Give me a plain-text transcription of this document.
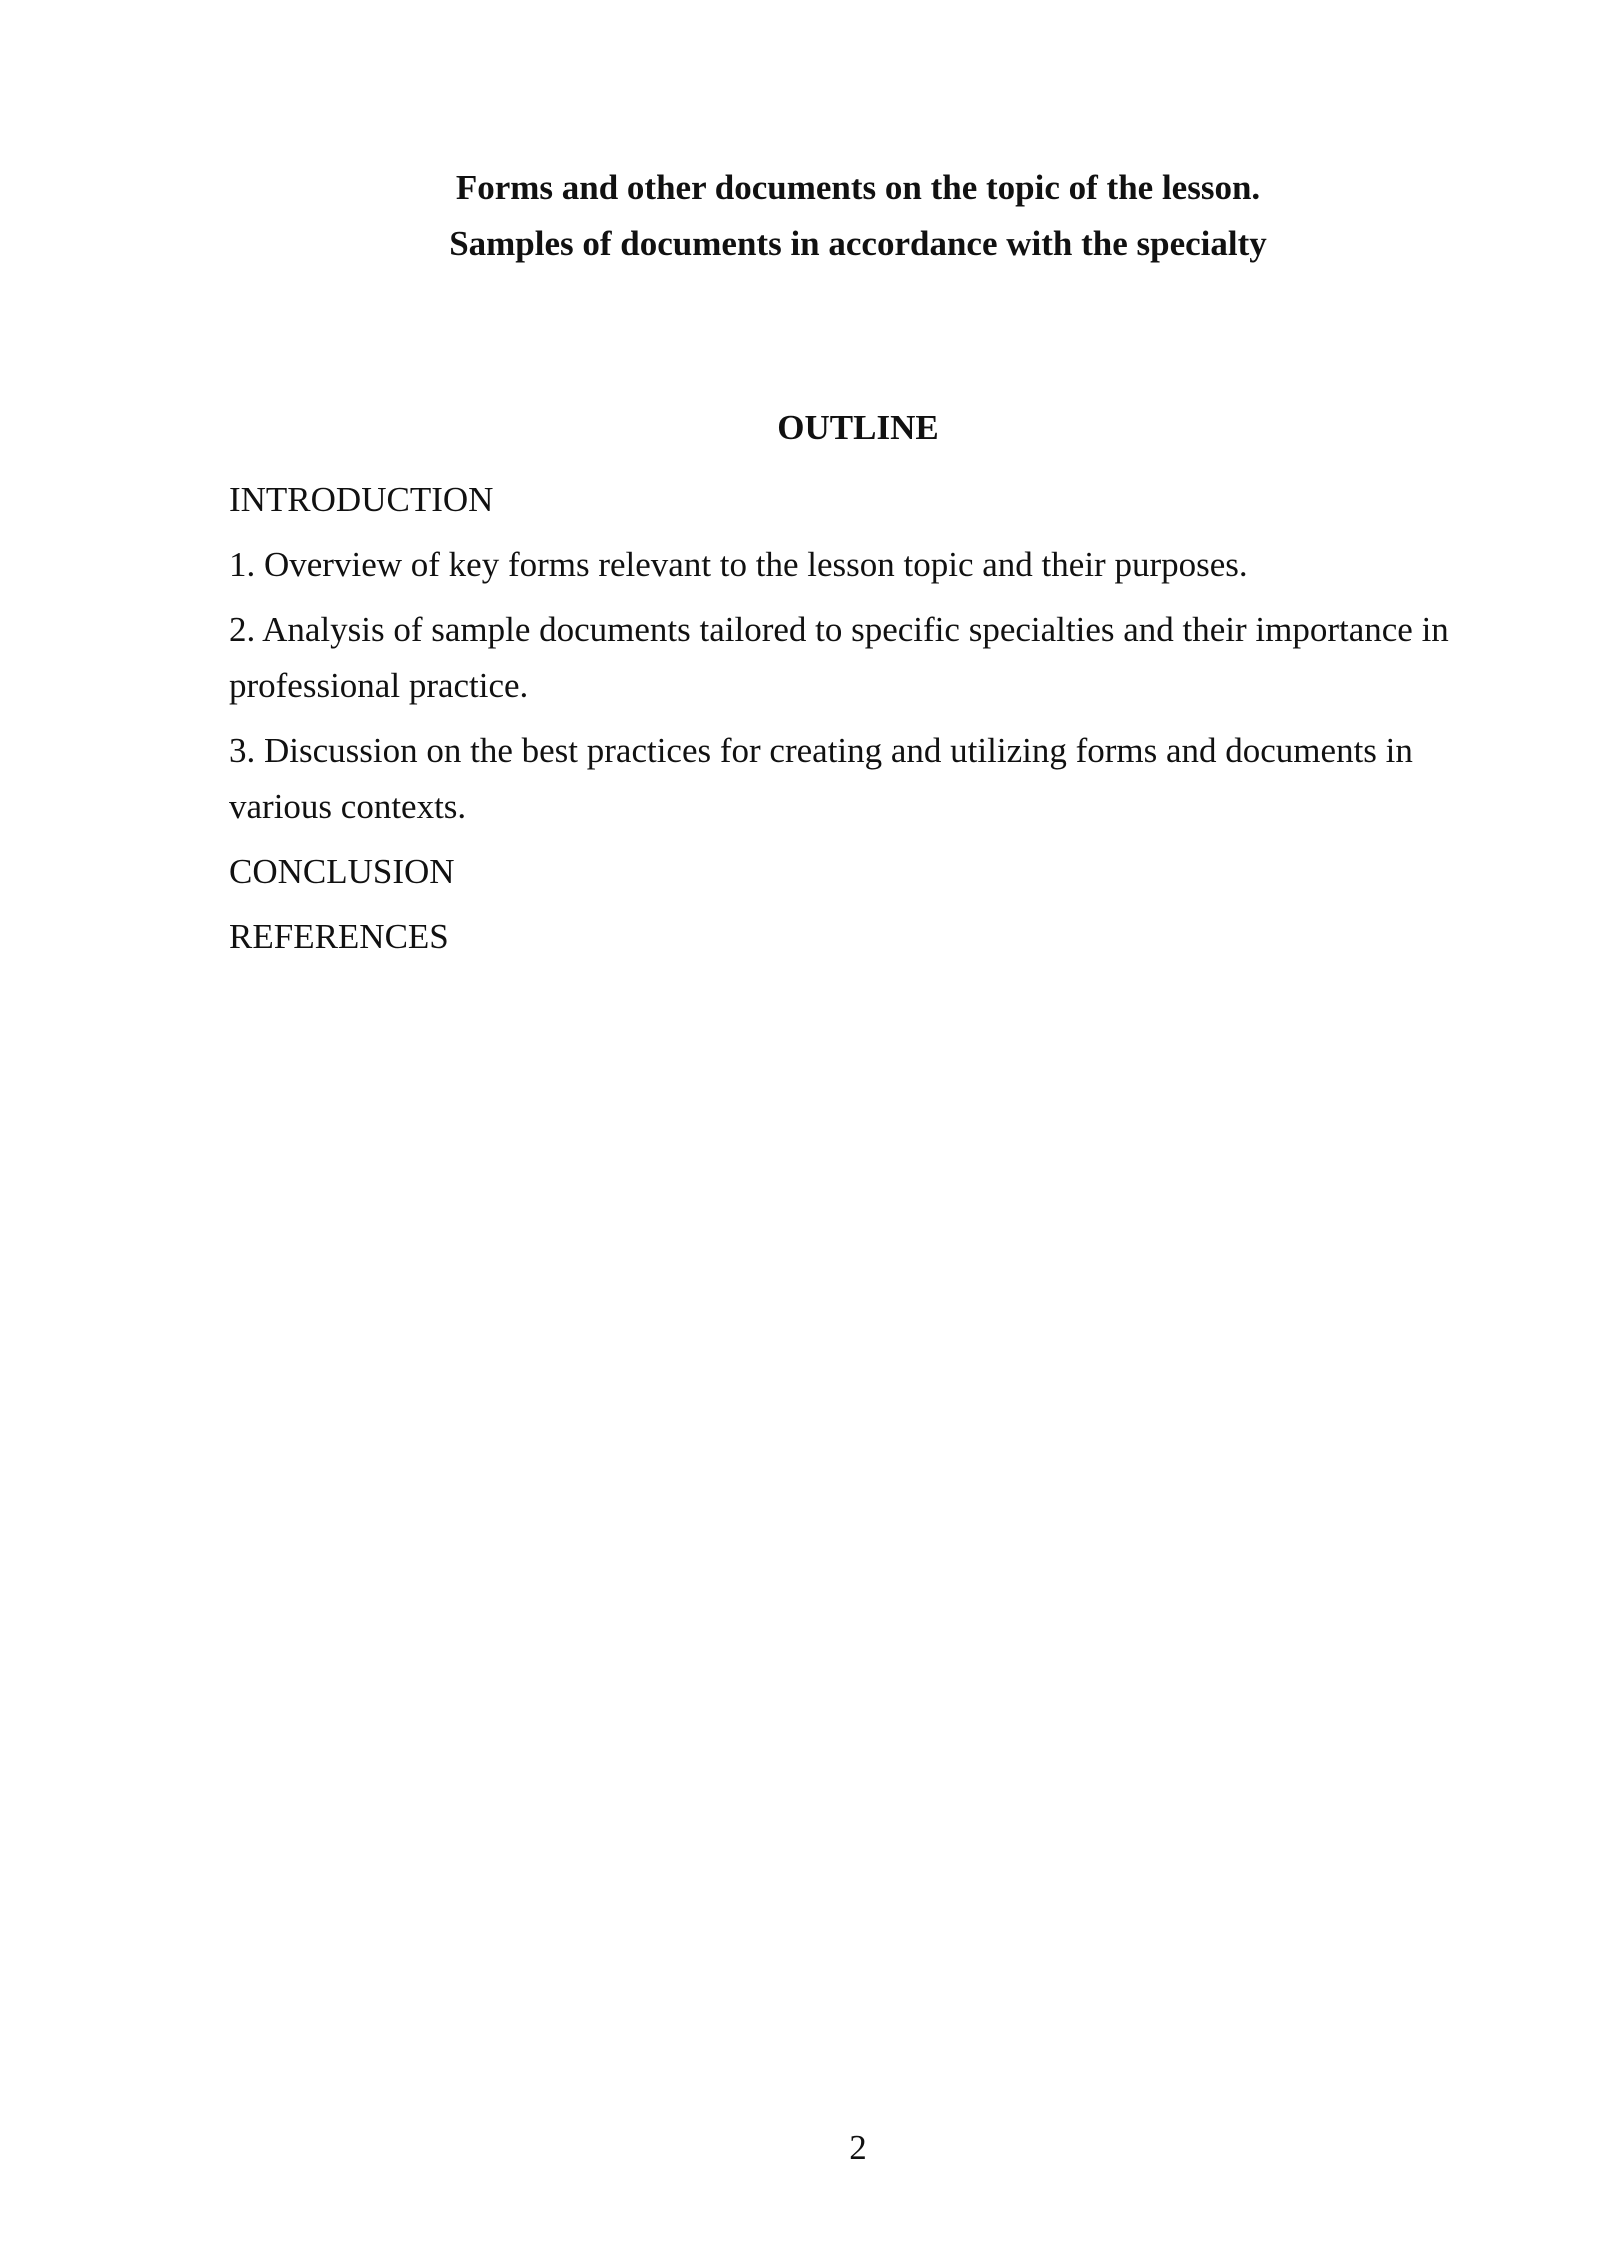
Forms and other documents on the topic of the lesson.
Samples of documents in accordance with the specialty
OUTLINE
INTRODUCTION
1. Overview of key forms relevant to the lesson topic and their purposes.
2. Analysis of sample documents tailored to specific specialties and their importance in professional practice.
3. Discussion on the best practices for creating and utilizing forms and documents in various contexts.
CONCLUSION
REFERENCES
2
